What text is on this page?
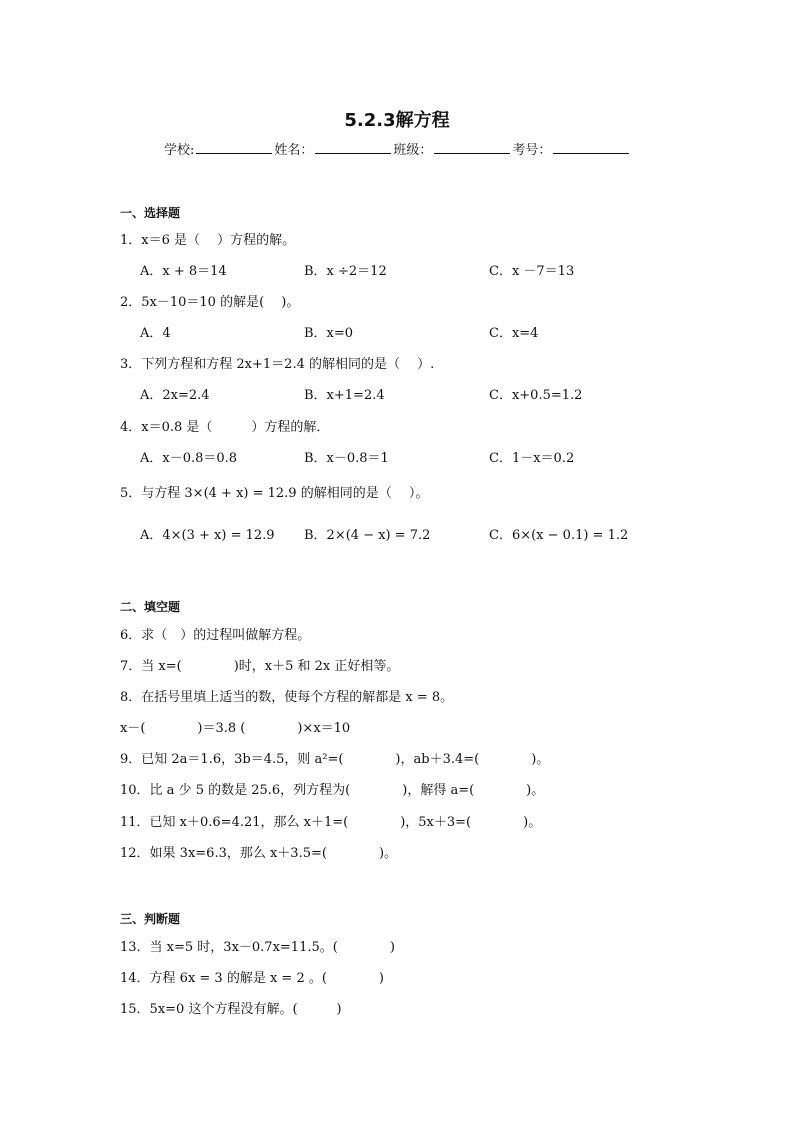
5.2.3解方程
学校:	姓名：	班级：	考号：
一、选择题
1．x＝6 是（　 ）方程的解。
A．x + 8＝14	B．x ÷2＝12	C．x －7＝13
2．5x－10＝10 的解是(　 )。
A．4	B．x=0	C．x=4
3．下列方程和方程 2x+1＝2.4 的解相同的是（　 ）.
A．2x=2.4	B．x+1=2.4	C．x+0.5=1.2
4．x＝0.8 是（　　　）方程的解．
A．x－0.8＝0.8	B．x－0.8＝1	C．1－x＝0.2
5．与方程 3×(4 + x) = 12.9 的解相同的是（　 ）。
A．4×(3 + x) = 12.9 B．2×(4 − x) = 7.2	C．6×(x − 0.1) = 1.2
二、填空题
6．求（　）的过程叫做解方程。
7．当 x=(　　　　)时，x＋5 和 2x 正好相等。
8．在括号里填上适当的数，使每个方程的解都是 x = 8。
x－(　　　　)＝3.8 (　　　　)×x＝10
9．已知 2a＝1.6，3b＝4.5，则 a²=(　　　　)，ab＋3.4=(　　　　)。
10．比 a 少 5 的数是 25.6，列方程为(　　　　)，解得 a=(　　　　)。
11．已知 x＋0.6=4.21，那么 x＋1=(　　　　)，5x＋3=(　　　　)。
12．如果 3x=6.3，那么 x＋3.5=(　　　　)。
三、判断题
13．当 x=5 时，3x－0.7x=11.5。(　　　　)
14．方程 6x = 3 的解是 x = 2 。(　　　　)
15．5x=0 这个方程没有解。(　　　)
